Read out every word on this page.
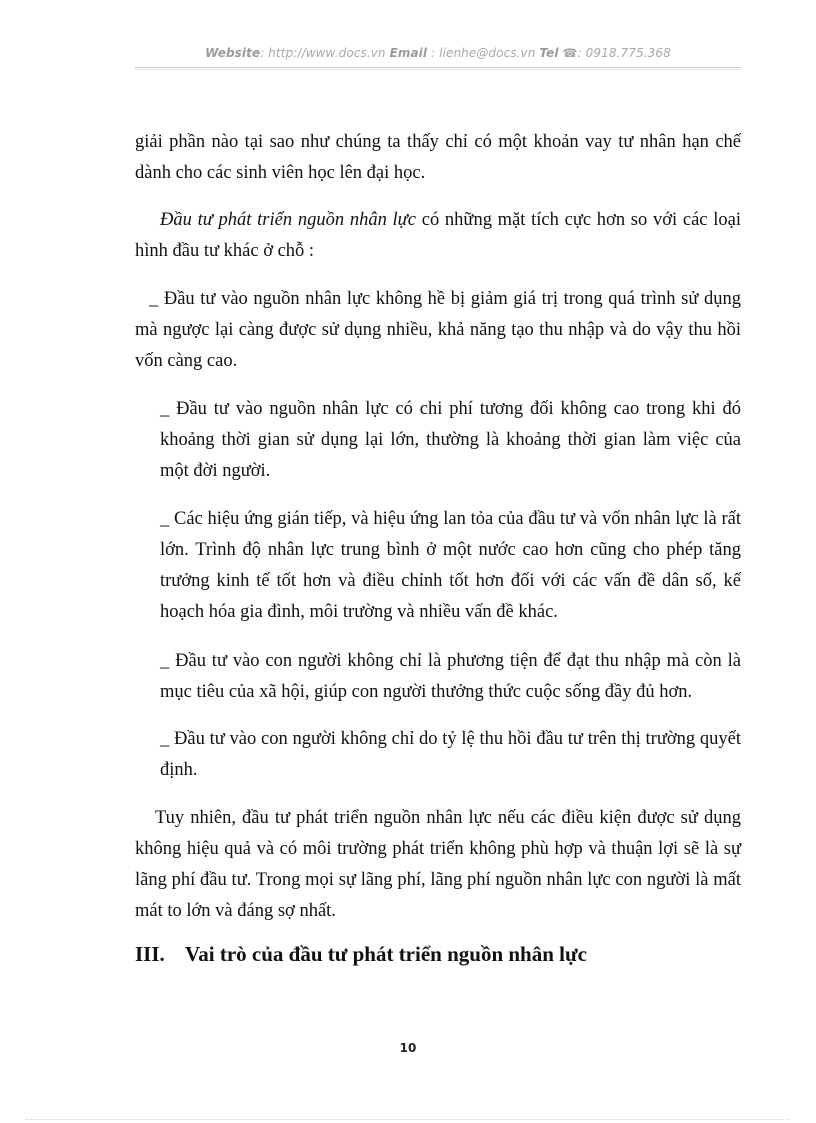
Website: http://www.docs.vn Email : lienhe@docs.vn Tel ☎: 0918.775.368
giải phần nào tại sao như chúng ta thấy chỉ có một khoản vay tư nhân hạn chế dành cho các sinh viên học lên đại học.
Đầu tư phát triển nguồn nhân lực có những mặt tích cực hơn so với các loại hình đầu tư khác ở chỗ :
_ Đầu tư vào nguồn nhân lực không hề bị giảm giá trị trong quá trình sử dụng mà ngược lại càng được sử dụng nhiều, khả năng tạo thu nhập và do vậy thu hồi vốn càng cao.
_ Đầu tư vào nguồn nhân lực có chi phí tương đối không cao trong khi đó khoảng thời gian sử dụng lại lớn, thường là khoảng thời gian làm việc của một đời người.
_ Các hiệu ứng gián tiếp, và hiệu ứng lan tỏa của đầu tư và vốn nhân lực là rất lớn. Trình độ nhân lực trung bình ở một nước cao hơn cũng cho phép tăng trưởng kinh tế tốt hơn và điều chỉnh tốt hơn đối với các vấn đề dân số, kế hoạch hóa gia đình, môi trường và nhiều vấn đề khác.
_ Đầu tư vào con người không chỉ là phương tiện để đạt thu nhập mà còn là mục tiêu của xã hội, giúp con người thưởng thức cuộc sống đầy đủ hơn.
_ Đầu tư vào con người không chỉ do tỷ lệ thu hồi đầu tư trên thị trường quyết định.
Tuy nhiên, đầu tư phát triển nguồn nhân lực nếu các điều kiện được sử dụng không hiệu quả và có môi trường phát triển không phù hợp và thuận lợi sẽ là sự lãng phí đầu tư. Trong mọi sự lãng phí, lãng phí nguồn nhân lực con người là mất mát to lớn và đáng sợ nhất.
III. Vai trò của đầu tư phát triển nguồn nhân lực
10
